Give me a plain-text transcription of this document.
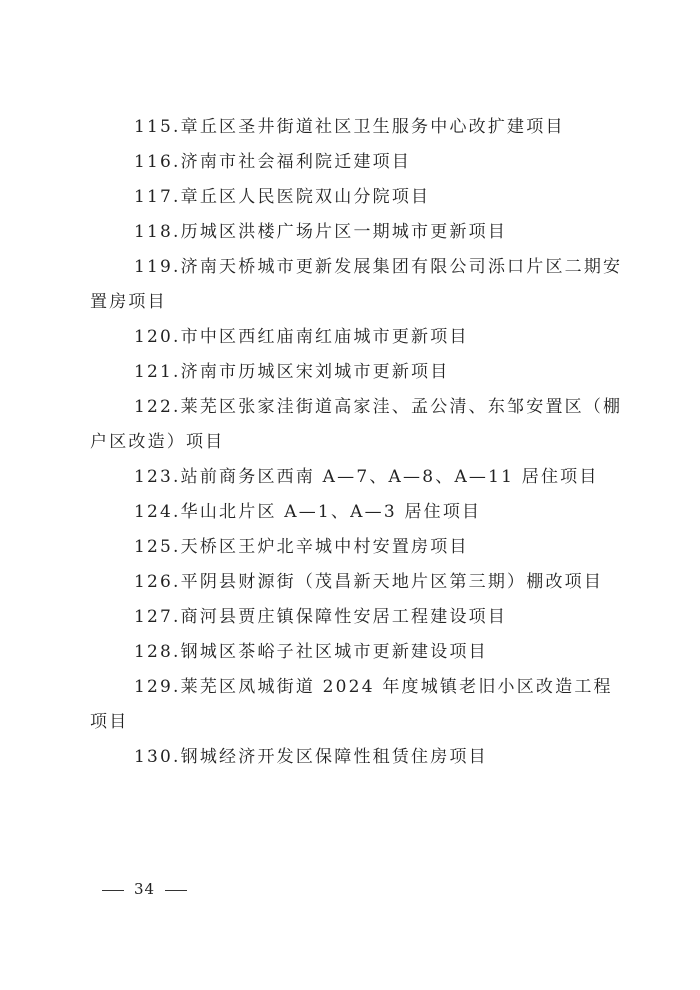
115.章丘区圣井街道社区卫生服务中心改扩建项目

116.济南市社会福利院迁建项目

117.章丘区人民医院双山分院项目

118.历城区洪楼广场片区一期城市更新项目

119.济南天桥城市更新发展集团有限公司泺口片区二期安置房项目

120.市中区西红庙南红庙城市更新项目

121.济南市历城区宋刘城市更新项目

122.莱芜区张家洼街道高家洼、孟公清、东邹安置区（棚户区改造）项目

123.站前商务区西南 A—7、A—8、A—11 居住项目

124.华山北片区 A—1、A—3 居住项目

125.天桥区王炉北辛城中村安置房项目

126.平阴县财源街（茂昌新天地片区第三期）棚改项目

127.商河县贾庄镇保障性安居工程建设项目

128.钢城区茶峪子社区城市更新建设项目

129.莱芜区凤城街道 2024 年度城镇老旧小区改造工程项目

130.钢城经济开发区保障性租赁住房项目

34
